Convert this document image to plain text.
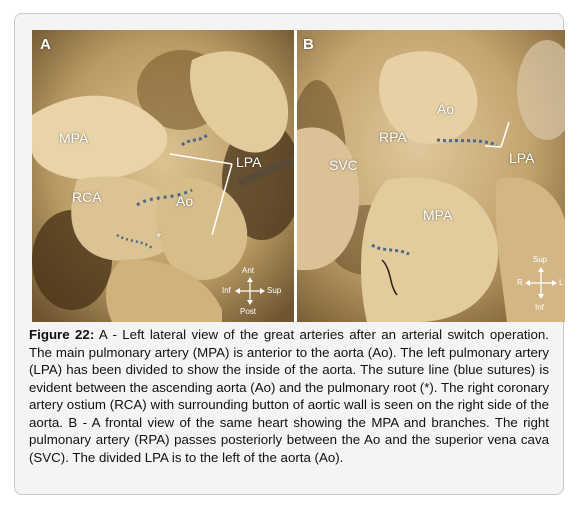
A
MPA
LPA
RCA	Ao
*
Ant
Inf	Sup
Post
B
Ao
RPA
SVC	LPA
MPA
Sup
R	L
Inf
Figure 22: A - Left lateral view of the great arteries after an arterial switch operation. The main pulmonary artery (MPA) is anterior to the aorta (Ao). The left pulmonary artery (LPA) has been divided to show the inside of the aorta. The suture line (blue sutures) is evident between the ascending aorta (Ao) and the pulmonary root (*). The right coronary artery ostium (RCA) with surrounding button of aortic wall is seen on the right side of the aorta. B - A frontal view of the same heart showing the MPA and branches. The right pulmonary artery (RPA) passes posteriorly between the Ao and the superior vena cava (SVC). The divided LPA is to the left of the aorta (Ao).
